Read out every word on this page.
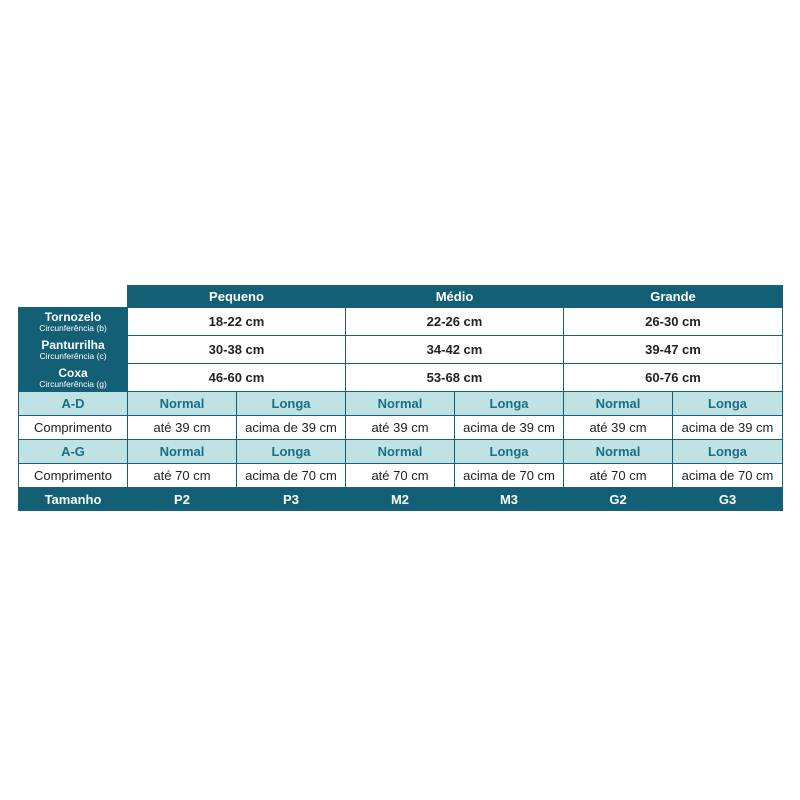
	Pequeno		Médio		Grande	

Tornozelo
Circunferência (b)	18-22 cm		22-26 cm		26-30 cm	

Panturrilha
Circunferência (c)	30-38 cm		34-42 cm		39-47 cm	

Coxa
Circunferência (g)	46-60 cm		53-68 cm		60-76 cm	
A-D	Normal	Longa	Normal	Longa	Normal	Longa
Comprimento	até 39 cm	acima de 39 cm	até 39 cm	acima de 39 cm	até 39 cm	acima de 39 cm
A-G	Normal	Longa	Normal	Longa	Normal	Longa
Comprimento	até 70 cm	acima de 70 cm	até 70 cm	acima de 70 cm	até 70 cm	acima de 70 cm
Tamanho	P2	P3	M2	M3	G2	G3
